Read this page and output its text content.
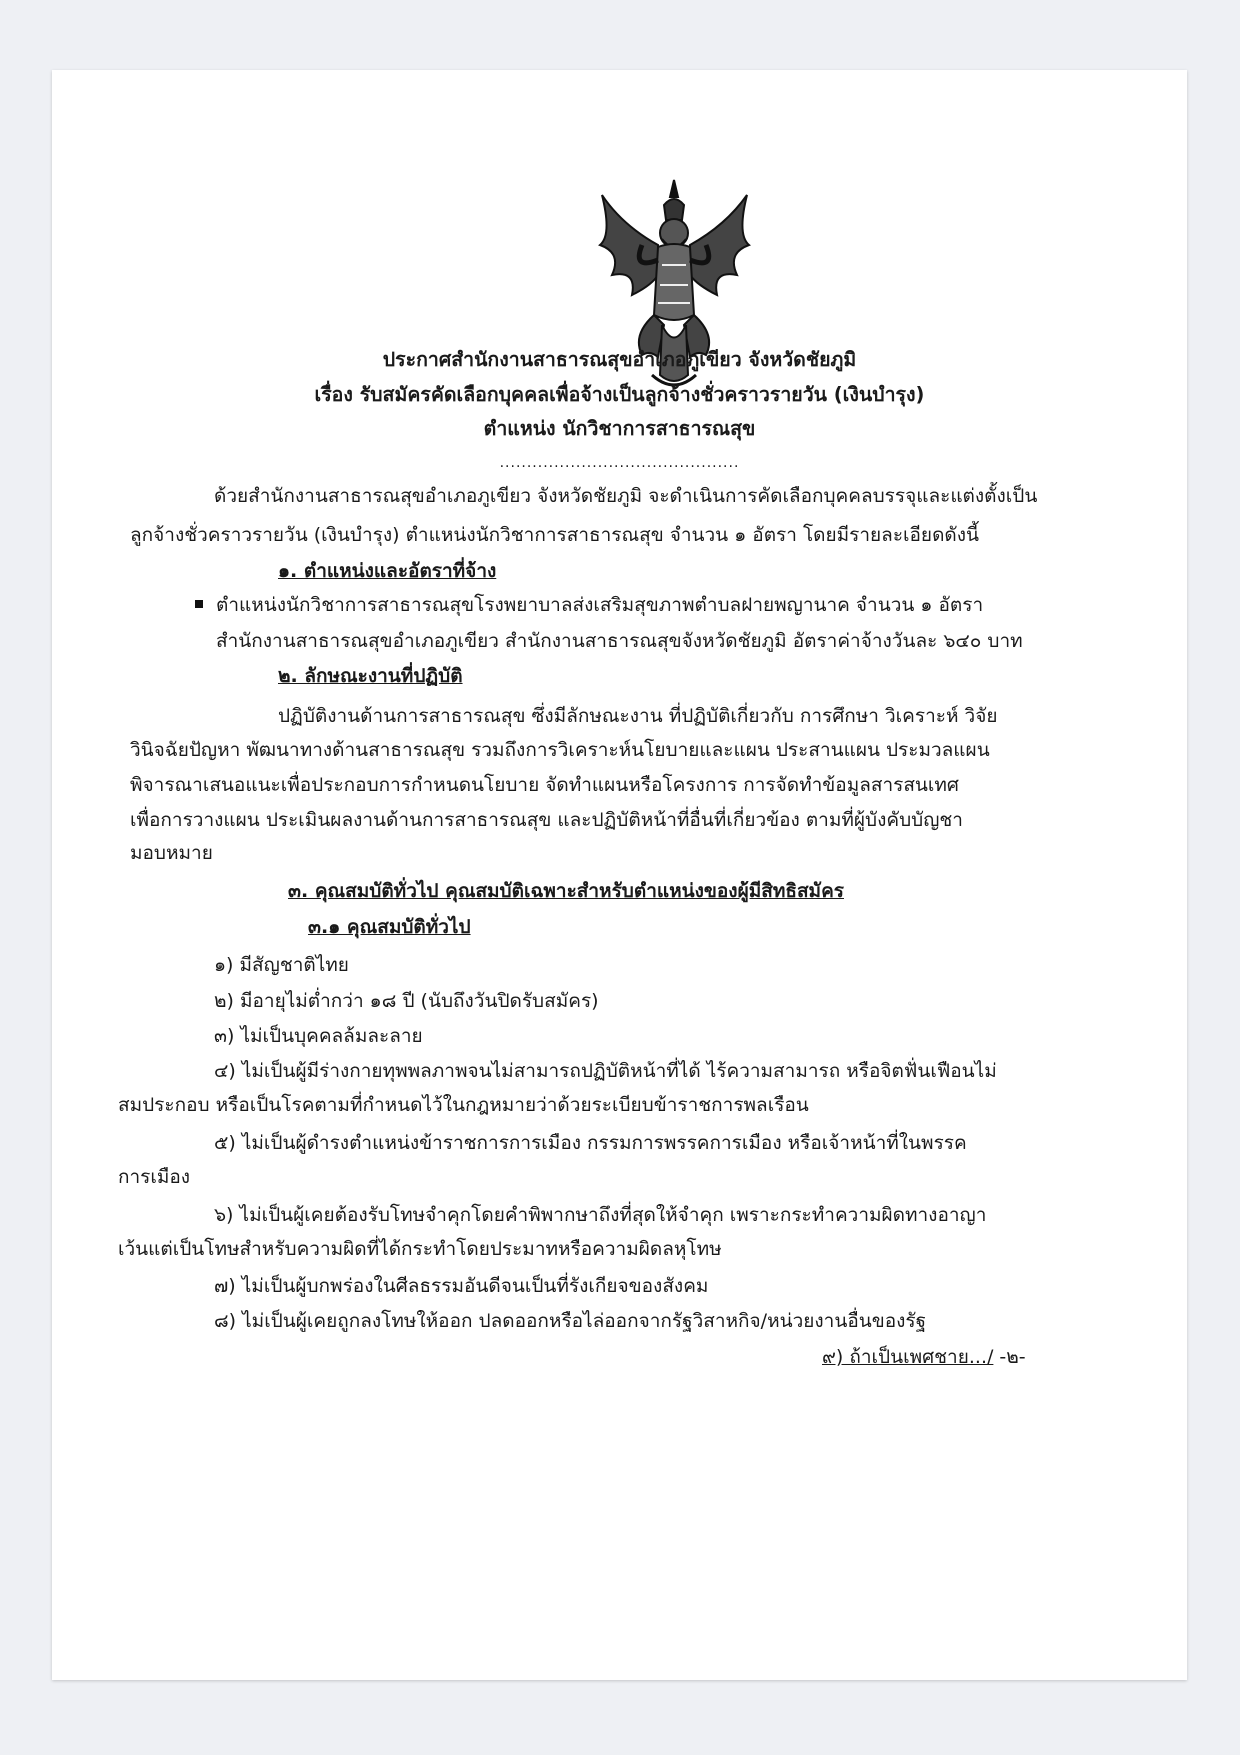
ประกาศสำนักงานสาธารณสุขอำเภอภูเขียว จังหวัดชัยภูมิ
เรื่อง รับสมัครคัดเลือกบุคคลเพื่อจ้างเป็นลูกจ้างชั่วคราวรายวัน (เงินบำรุง)
ตำแหน่ง นักวิชาการสาธารณสุข
............................................
ด้วยสำนักงานสาธารณสุขอำเภอภูเขียว จังหวัดชัยภูมิ จะดำเนินการคัดเลือกบุคคลบรรจุและแต่งตั้งเป็น
ลูกจ้างชั่วคราวรายวัน (เงินบำรุง) ตำแหน่งนักวิชาการสาธารณสุข จำนวน ๑ อัตรา โดยมีรายละเอียดดังนี้
๑. ตำแหน่งและอัตราที่จ้าง
ตำแหน่งนักวิชาการสาธารณสุขโรงพยาบาลส่งเสริมสุขภาพตำบลฝายพญานาค จำนวน ๑ อัตรา
สำนักงานสาธารณสุขอำเภอภูเขียว สำนักงานสาธารณสุขจังหวัดชัยภูมิ อัตราค่าจ้างวันละ ๖๔๐ บาท
๒. ลักษณะงานที่ปฏิบัติ
ปฏิบัติงานด้านการสาธารณสุข ซึ่งมีลักษณะงาน ที่ปฏิบัติเกี่ยวกับ การศึกษา วิเคราะห์ วิจัย
วินิจฉัยปัญหา พัฒนาทางด้านสาธารณสุข รวมถึงการวิเคราะห์นโยบายและแผน ประสานแผน ประมวลแผน
พิจารณาเสนอแนะเพื่อประกอบการกำหนดนโยบาย จัดทำแผนหรือโครงการ การจัดทำข้อมูลสารสนเทศ
เพื่อการวางแผน ประเมินผลงานด้านการสาธารณสุข และปฏิบัติหน้าที่อื่นที่เกี่ยวข้อง ตามที่ผู้บังคับบัญชา
มอบหมาย
๓. คุณสมบัติทั่วไป คุณสมบัติเฉพาะสำหรับตำแหน่งของผู้มีสิทธิสมัคร
๓.๑ คุณสมบัติทั่วไป
๑) มีสัญชาติไทย
๒) มีอายุไม่ต่ำกว่า ๑๘ ปี (นับถึงวันปิดรับสมัคร)
๓) ไม่เป็นบุคคลล้มละลาย
๔) ไม่เป็นผู้มีร่างกายทุพพลภาพจนไม่สามารถปฏิบัติหน้าที่ได้ ไร้ความสามารถ หรือจิตฟั่นเฟือนไม่
สมประกอบ หรือเป็นโรคตามที่กำหนดไว้ในกฎหมายว่าด้วยระเบียบข้าราชการพลเรือน
๕) ไม่เป็นผู้ดำรงตำแหน่งข้าราชการการเมือง กรรมการพรรคการเมือง หรือเจ้าหน้าที่ในพรรค
การเมือง
๖) ไม่เป็นผู้เคยต้องรับโทษจำคุกโดยคำพิพากษาถึงที่สุดให้จำคุก เพราะกระทำความผิดทางอาญา
เว้นแต่เป็นโทษสำหรับความผิดที่ได้กระทำโดยประมาทหรือความผิดลหุโทษ
๗) ไม่เป็นผู้บกพร่องในศีลธรรมอันดีจนเป็นที่รังเกียจของสังคม
๘) ไม่เป็นผู้เคยถูกลงโทษให้ออก ปลดออกหรือไล่ออกจากรัฐวิสาหกิจ/หน่วยงานอื่นของรัฐ
๙) ถ้าเป็นเพศชาย.../ -๒-
